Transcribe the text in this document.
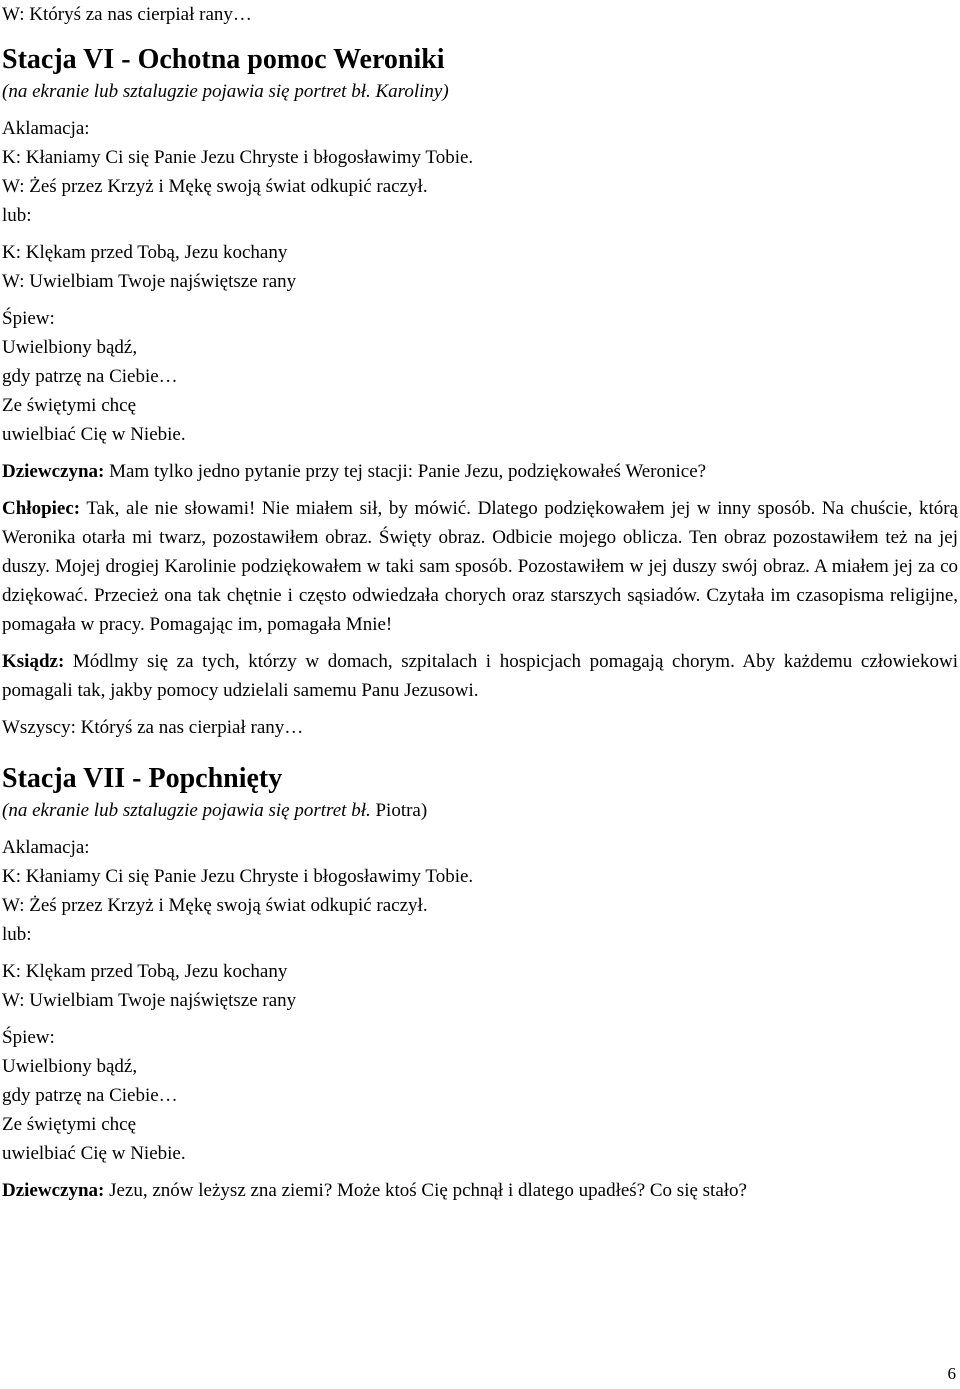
W: Któryś za nas cierpiał rany…

Stacja VI - Ochotna pomoc Weroniki

(na ekranie lub sztalugzie pojawia się portret bł. Karoliny)

Aklamacja:

K: Kłaniamy Ci się Panie Jezu Chryste i błogosławimy Tobie.

W: Żeś przez Krzyż i Mękę swoją świat odkupić raczył.

lub:

K: Klękam przed Tobą, Jezu kochany

W: Uwielbiam Twoje najświętsze rany

Śpiew:

Uwielbiony bądź,

gdy patrzę na Ciebie…

Ze świętymi chcę

uwielbiać Cię w Niebie.

Dziewczyna: Mam tylko jedno pytanie przy tej stacji: Panie Jezu, podziękowałeś Weronice?

Chłopiec: Tak, ale nie słowami! Nie miałem sił, by mówić. Dlatego podziękowałem jej w inny sposób. Na chuście, którą Weronika otarła mi twarz, pozostawiłem obraz. Święty obraz. Odbicie mojego oblicza. Ten obraz pozostawiłem też na jej duszy. Mojej drogiej Karolinie podziękowałem w taki sam sposób. Pozostawiłem w jej duszy swój obraz. A miałem jej za co dziękować. Przecież ona tak chętnie i często odwiedzała chorych oraz starszych sąsiadów. Czytała im czasopisma religijne, pomagała w pracy. Pomagając im, pomagała Mnie!

Ksiądz: Módlmy się za tych, którzy w domach, szpitalach i hospicjach pomagają chorym. Aby każdemu człowiekowi pomagali tak, jakby pomocy udzielali samemu Panu Jezusowi.

Wszyscy: Któryś za nas cierpiał rany…

Stacja VII - Popchnięty

(na ekranie lub sztalugzie pojawia się portret bł. Piotra)

Aklamacja:

K: Kłaniamy Ci się Panie Jezu Chryste i błogosławimy Tobie.

W: Żeś przez Krzyż i Mękę swoją świat odkupić raczył.

lub:

K: Klękam przed Tobą, Jezu kochany

W: Uwielbiam Twoje najświętsze rany

Śpiew:

Uwielbiony bądź,

gdy patrzę na Ciebie…

Ze świętymi chcę

uwielbiać Cię w Niebie.

Dziewczyna: Jezu, znów leżysz zna ziemi? Może ktoś Cię pchnął i dlatego upadłeś? Co się stało?

6
